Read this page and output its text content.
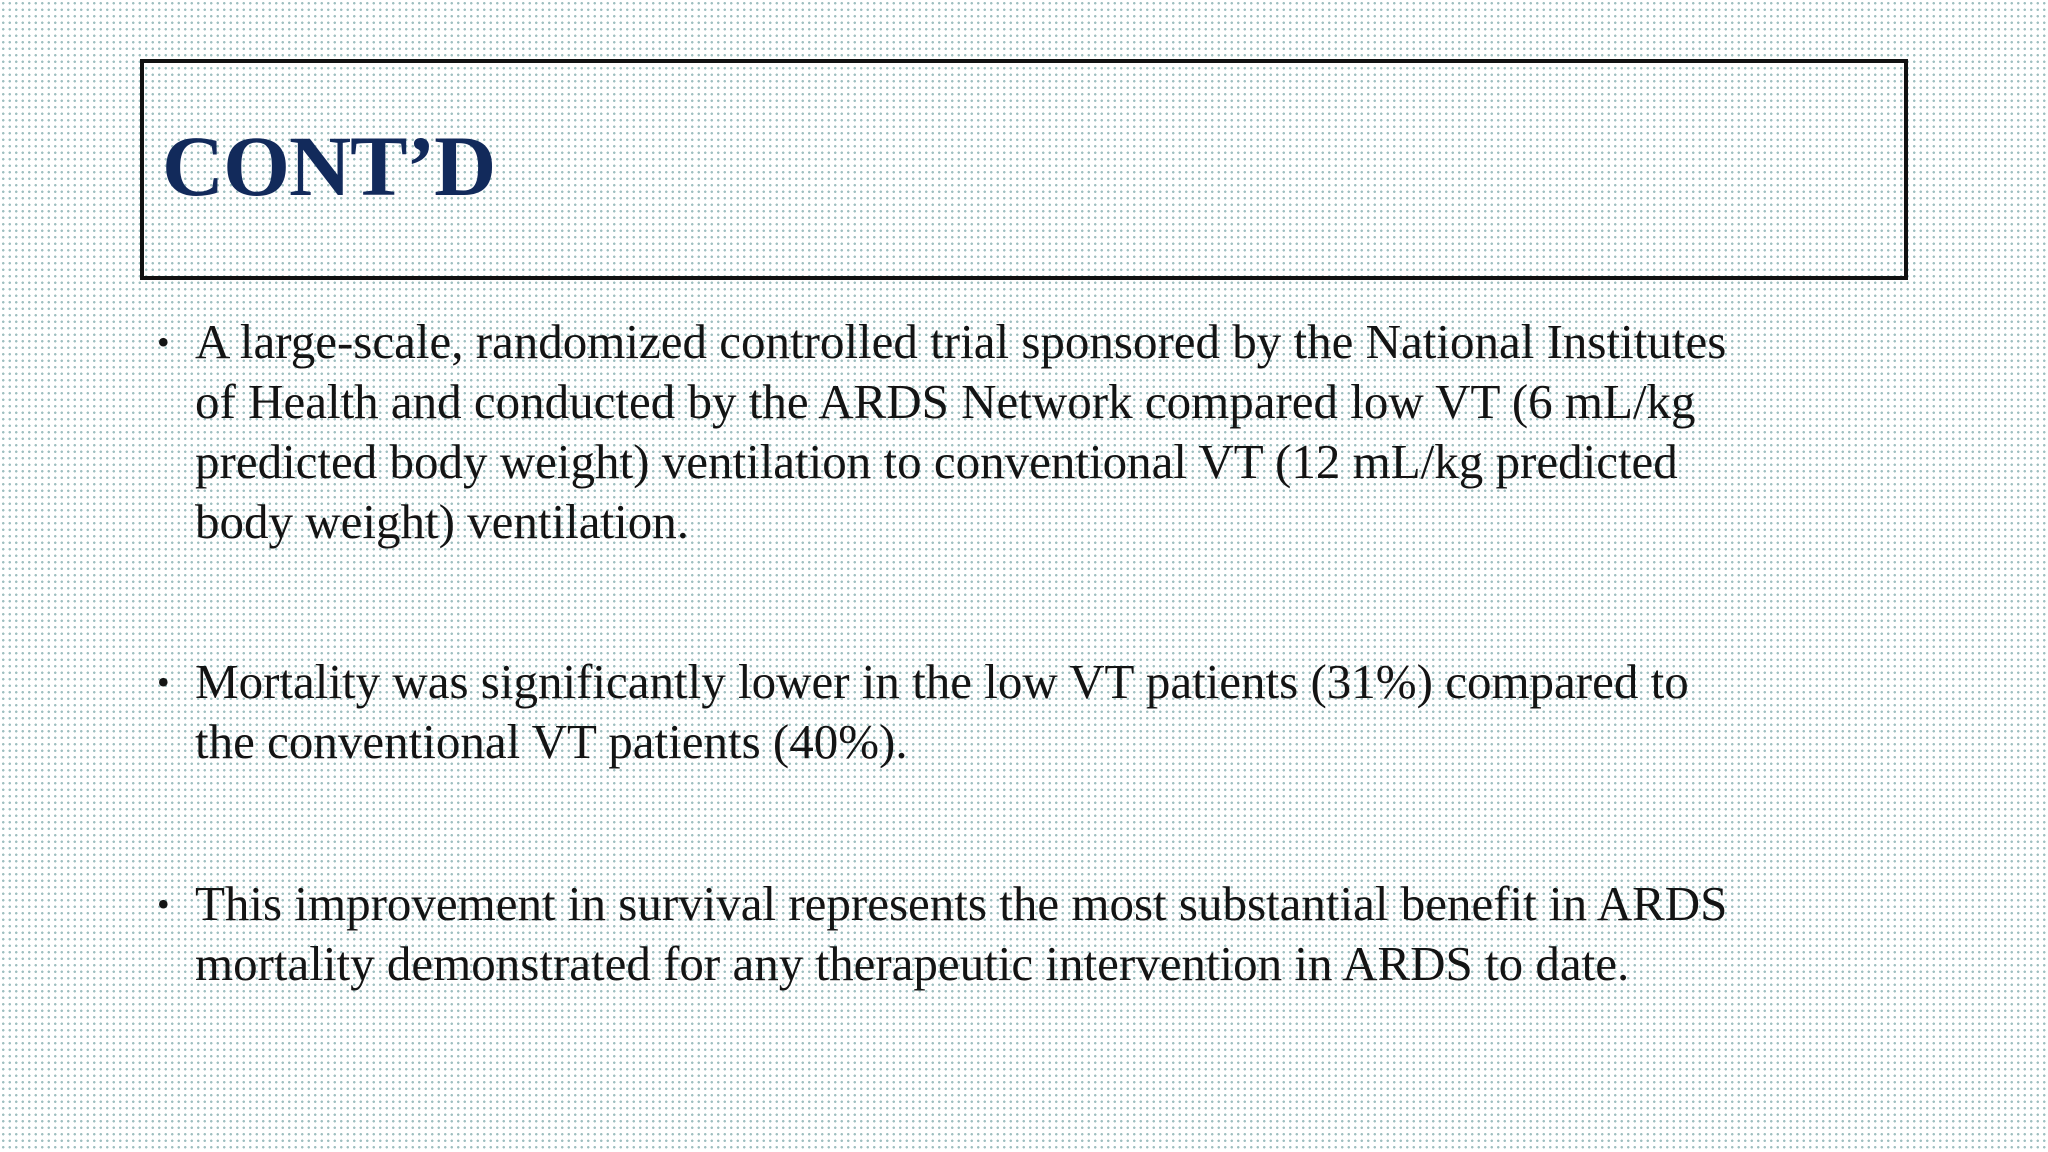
CONT’D
• A large-scale, randomized controlled trial sponsored by the National Institutes
of Health and conducted by the ARDS Network compared low VT (6 mL/kg
predicted body weight) ventilation to conventional VT (12 mL/kg predicted
body weight) ventilation.
• Mortality was significantly lower in the low VT patients (31%) compared to
the conventional VT patients (40%).
• This improvement in survival represents the most substantial benefit in ARDS
mortality demonstrated for any therapeutic intervention in ARDS to date.
